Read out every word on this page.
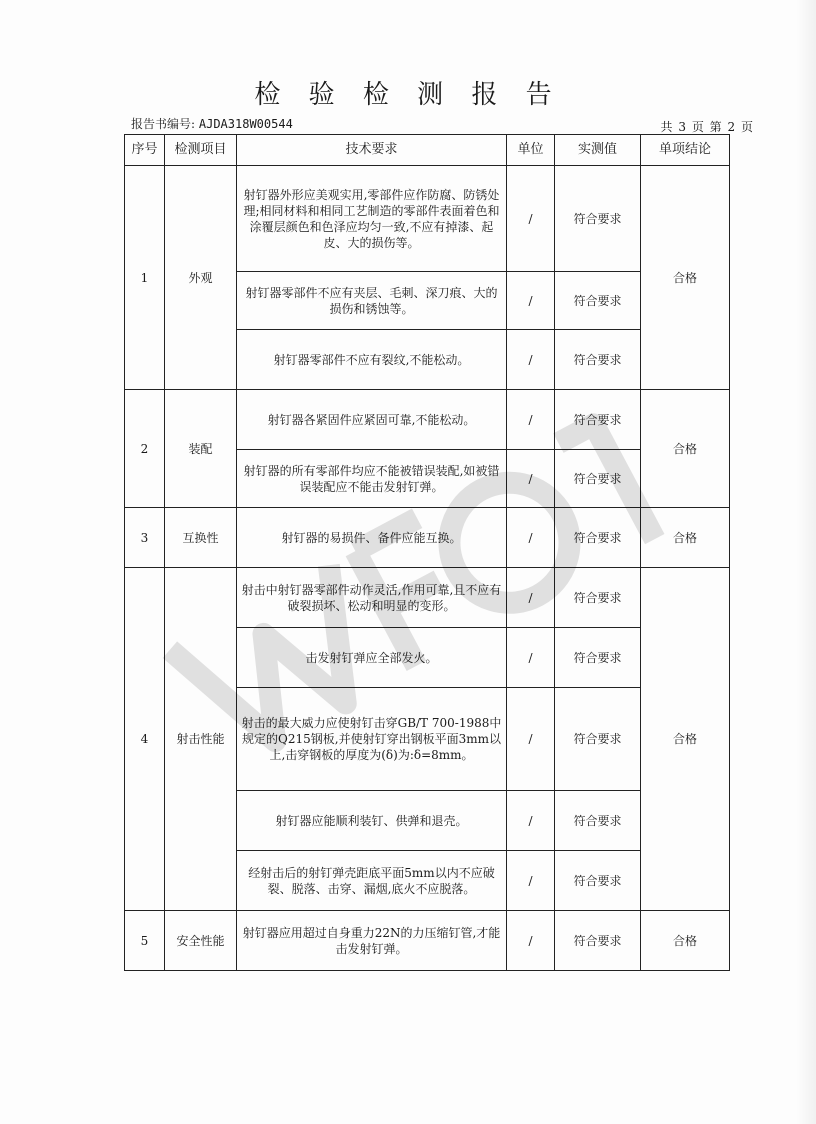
检 验 检 测 报 告
报告书编号: AJDA318W00544	共 3 页 第 2 页
序号	检测项目	技术要求	单位	实测值	单项结论
1	外观	射钉器外形应美观实用,零部件应作防腐、防锈处理;相同材料和相同工艺制造的零部件表面着色和涂覆层颜色和色泽应均匀一致,不应有掉漆、起皮、大的损伤等。	/	符合要求	合格
		射钉器零部件不应有夹层、毛刺、深刀痕、大的损伤和锈蚀等。	/	符合要求	
		射钉器零部件不应有裂纹,不能松动。	/	符合要求	
2	装配	射钉器各紧固件应紧固可靠,不能松动。	/	符合要求	合格
		射钉器的所有零部件均应不能被错误装配,如被错误装配应不能击发射钉弹。	/	符合要求	
3	互换性	射钉器的易损件、备件应能互换。	/	符合要求	合格
4	射击性能	射击中射钉器零部件动作灵活,作用可靠,且不应有破裂损坏、松动和明显的变形。	/	符合要求	合格
		击发射钉弹应全部发火。	/	符合要求	
		射击的最大威力应使射钉击穿GB/T 700-1988中规定的Q215钢板,并使射钉穿出钢板平面3mm以上,击穿钢板的厚度为(δ)为:δ=8mm。	/	符合要求	
		射钉器应能顺利装钉、供弹和退壳。	/	符合要求	
		经射击后的射钉弹壳距底平面5mm以内不应破裂、脱落、击穿、漏烟,底火不应脱落。	/	符合要求	
5	安全性能	射钉器应用超过自身重力22N的力压缩钉管,才能击发射钉弹。	/	符合要求	合格
